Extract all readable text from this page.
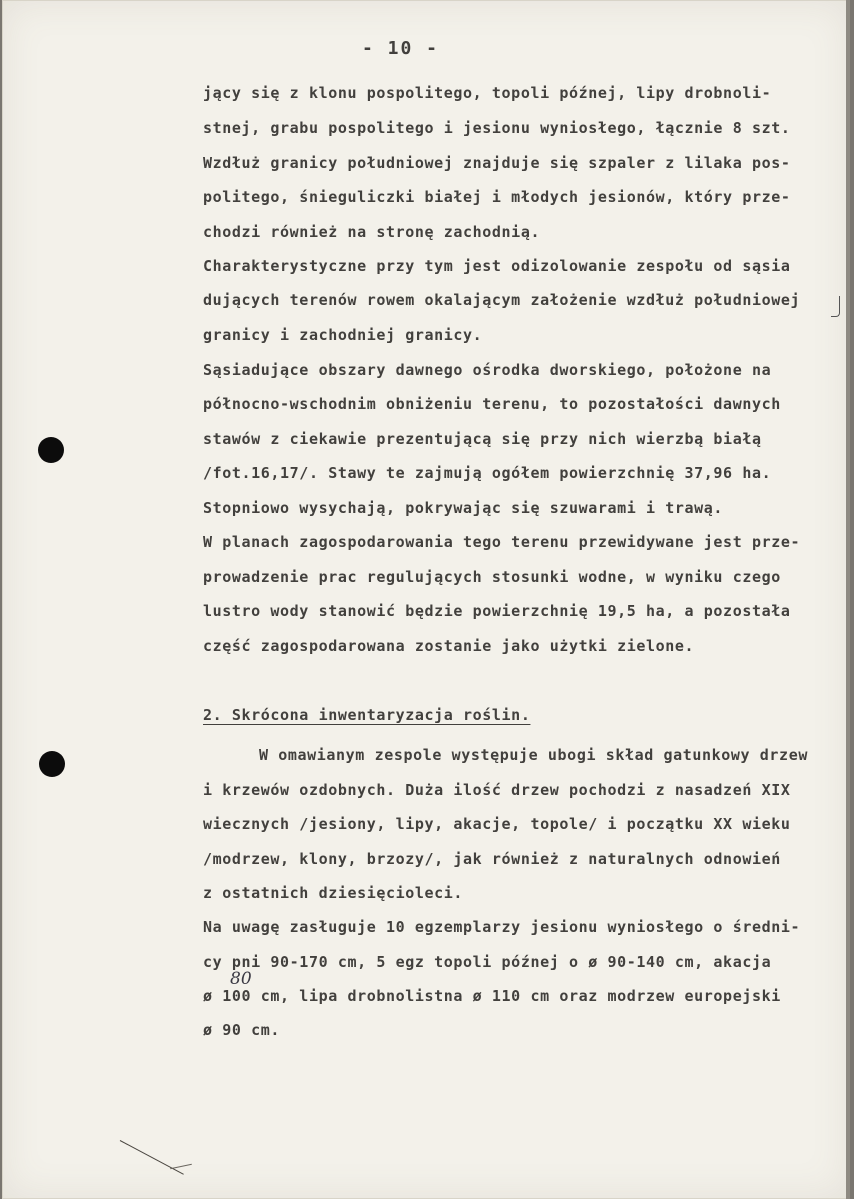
- 10 -
jący się z klonu pospolitego, topoli późnej, lipy drobnoli-
stnej, grabu pospolitego i jesionu wyniosłego, łącznie 8 szt.
Wzdłuż granicy południowej znajduje się szpaler z lilaka pos-
politego, śnieguliczki białej i młodych jesionów, który prze-
chodzi również na stronę zachodnią.
Charakterystyczne przy tym jest odizolowanie zespołu od sąsia
dujących terenów rowem okalającym założenie wzdłuż południowej
granicy i zachodniej granicy.
Sąsiadujące obszary dawnego ośrodka dworskiego, położone na
północno-wschodnim obniżeniu terenu, to pozostałości dawnych
stawów z ciekawie prezentującą się przy nich wierzbą białą
/fot.16,17/. Stawy te zajmują ogółem powierzchnię 37,96 ha.
Stopniowo wysychają, pokrywając się szuwarami i trawą.
W planach zagospodarowania tego terenu przewidywane jest prze-
prowadzenie prac regulujących stosunki wodne, w wyniku czego
lustro wody stanowić będzie powierzchnię 19,5 ha, a pozostała
część zagospodarowana zostanie jako użytki zielone.
2. Skrócona inwentaryzacja roślin.
W omawianym zespole występuje ubogi skład gatunkowy drzew
i krzewów ozdobnych. Duża ilość drzew pochodzi z nasadzeń XIX
wiecznych /jesiony, lipy, akacje, topole/ i początku XX wieku
/modrzew, klony, brzozy/, jak również z naturalnych odnowień
z ostatnich dziesięcioleci.
Na uwagę zasługuje 10 egzemplarzy jesionu wyniosłego o średni-
cy pni 90-170 cm, 5 egz topoli późnej o ø 90-140 cm, akacja
ø 100 cm, lipa drobnolistna ø 110 cm oraz modrzew europejski
ø 90 cm.
80
